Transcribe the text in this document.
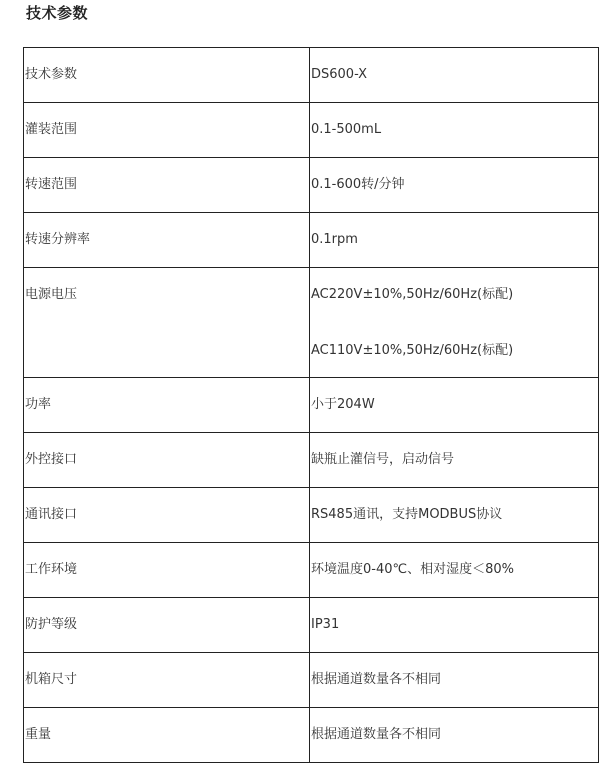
技术参数
技术参数	DS600-X

灌装范围	0.1-500mL

转速范围	0.1-600转/分钟

转速分辨率	0.1rpm

电源电压	AC220V±10%,50Hz/60Hz(标配)
AC110V±10%,50Hz/60Hz(标配)

功率	小于204W

外控接口	缺瓶止灌信号，启动信号

通讯接口	RS485通讯，支持MODBUS协议

工作环境	环境温度0-40℃、相对湿度＜80%

防护等级	IP31

机箱尺寸	根据通道数量各不相同

重量	根据通道数量各不相同
